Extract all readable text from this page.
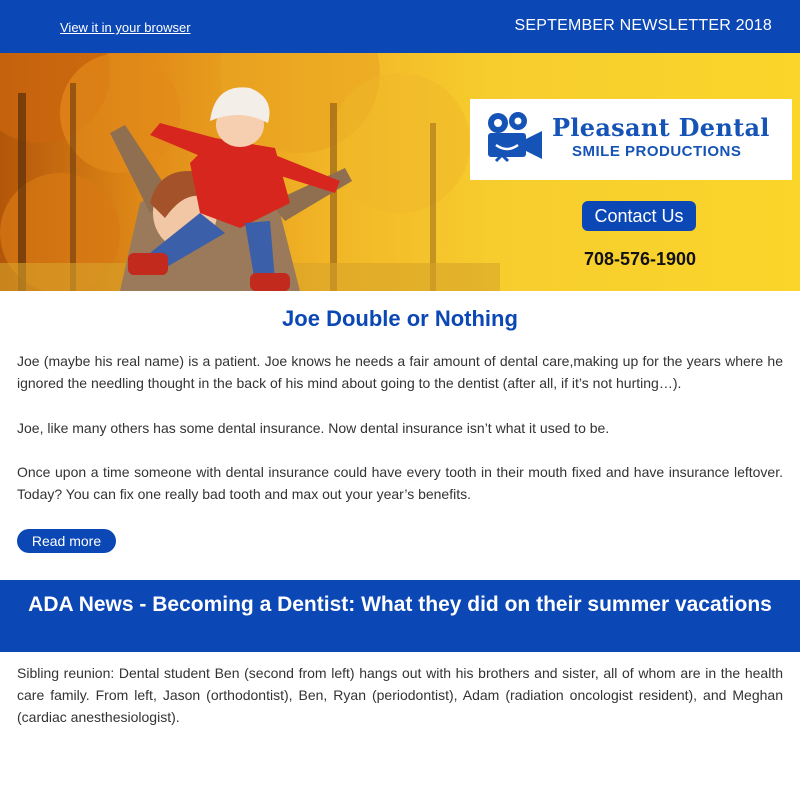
View it in your browser	SEPTEMBER NEWSLETTER 2018
Pleasant Dental
SMILE PRODUCTIONS
Contact Us
708-576-1900
Joe Double or Nothing

Joe (maybe his real name) is a patient. Joe knows he needs a fair amount of dental care,making up for the years where he ignored the needling thought in the back of his mind about going to the dentist (after all, if it’s not hurting…).

Joe, like many others has some dental insurance. Now dental insurance isn’t what it used to be.

Once upon a time someone with dental insurance could have every tooth in their mouth fixed and have insurance leftover. Today? You can fix one really bad tooth and max out your year’s benefits.

Read more
ADA News - Becoming a Dentist: What they did on their summer vacations

Sibling reunion: Dental student Ben (second from left) hangs out with his brothers and sister, all of whom are in the health care family. From left, Jason (orthodontist), Ben, Ryan (periodontist), Adam (radiation oncologist resident), and Meghan (cardiac anesthesiologist).
